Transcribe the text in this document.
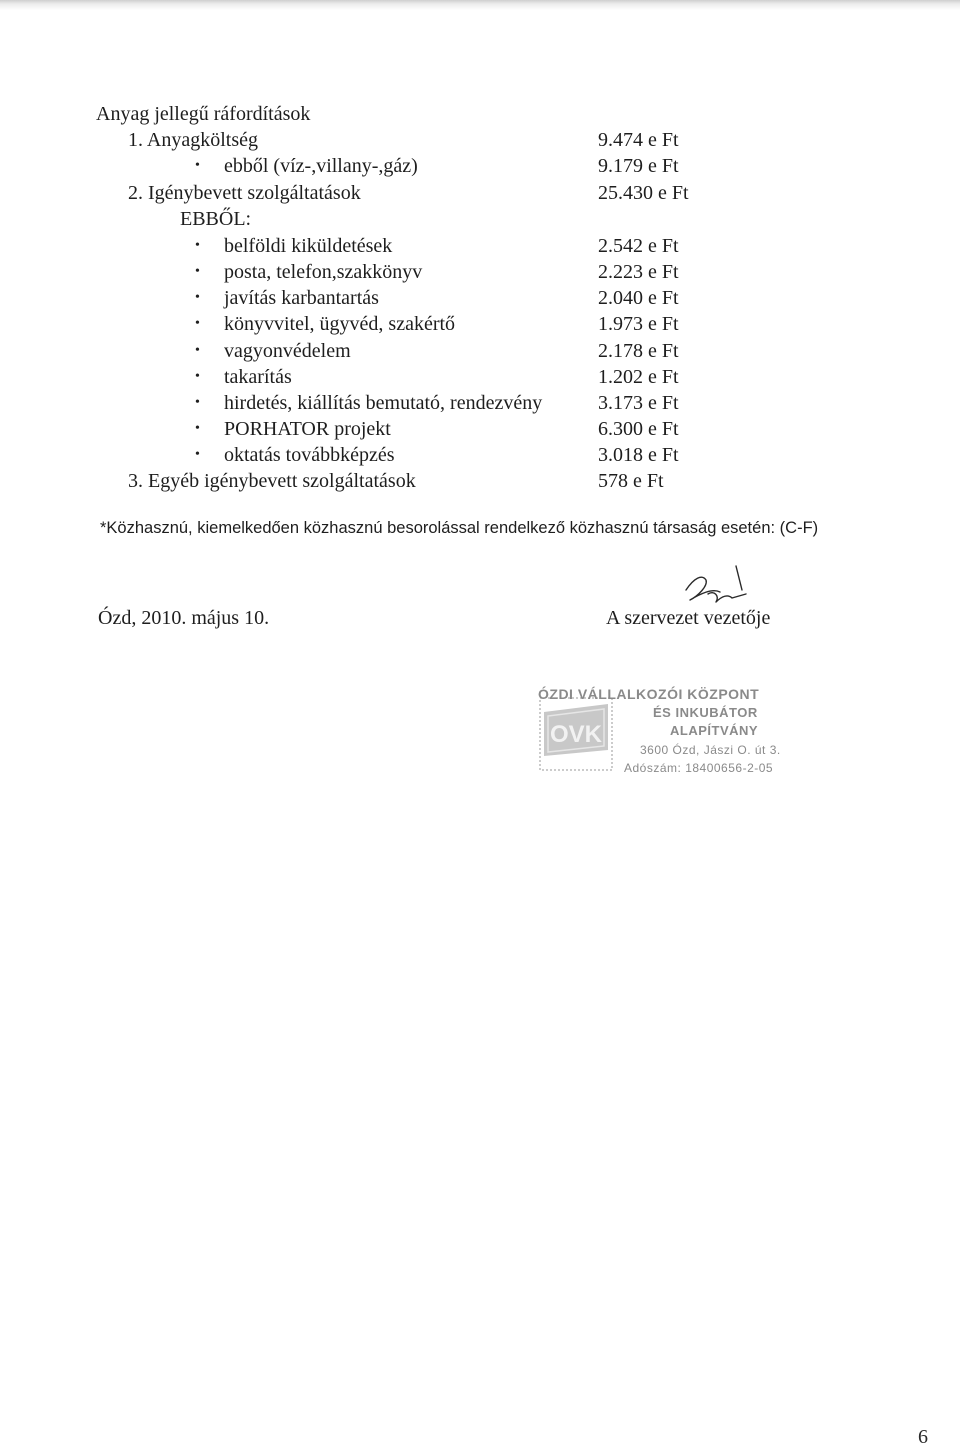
Anyag jellegű ráfordítások
1. Anyagköltség	9.474 e Ft
• ebből (víz-,villany-,gáz)	9.179 e Ft
2. Igénybevett szolgáltatások	25.430 e Ft
EBBŐL:
• belföldi kiküldetések	2.542 e Ft
• posta, telefon,szakkönyv	2.223 e Ft
• javítás karbantartás	2.040 e Ft
• könyvvitel, ügyvéd, szakértő	1.973 e Ft
• vagyonvédelem	2.178 e Ft
• takarítás	1.202 e Ft
• hirdetés, kiállítás bemutató, rendezvény	3.173 e Ft
• PORHATOR projekt	6.300 e Ft
• oktatás továbbképzés	3.018 e Ft
3. Egyéb igénybevett szolgáltatások	578 e Ft
*Közhasznú, kiemelkedően közhasznú besorolással rendelkező közhasznú társaság esetén: (C-F)
Ózd, 2010. május 10.	A szervezet vezetője
OVK
ÓZDI VÁLLALKOZÓI KÖZPONT
ÉS INKUBÁTOR
ALAPÍTVÁNY
3600 Ózd, Jászi O. út 3.
Adószám: 18400656-2-05
6
